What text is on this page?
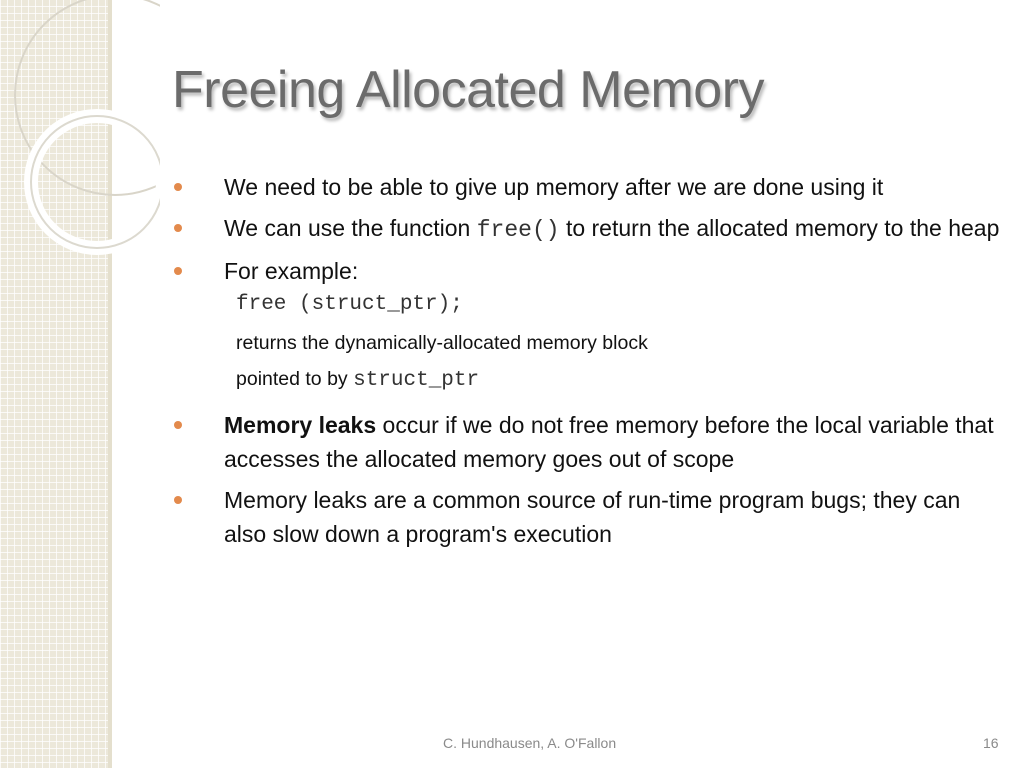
Freeing Allocated Memory
We need to be able to give up memory after we are done using it
We can use the function free() to return the allocated memory to the heap
For example:
free (struct_ptr);
returns the dynamically-allocated memory block
pointed to by struct_ptr
Memory leaks occur if we do not free memory before the local variable that accesses the allocated memory goes out of scope
Memory leaks are a common source of run-time program bugs; they can also slow down a program's execution
C. Hundhausen, A. O'Fallon	16
